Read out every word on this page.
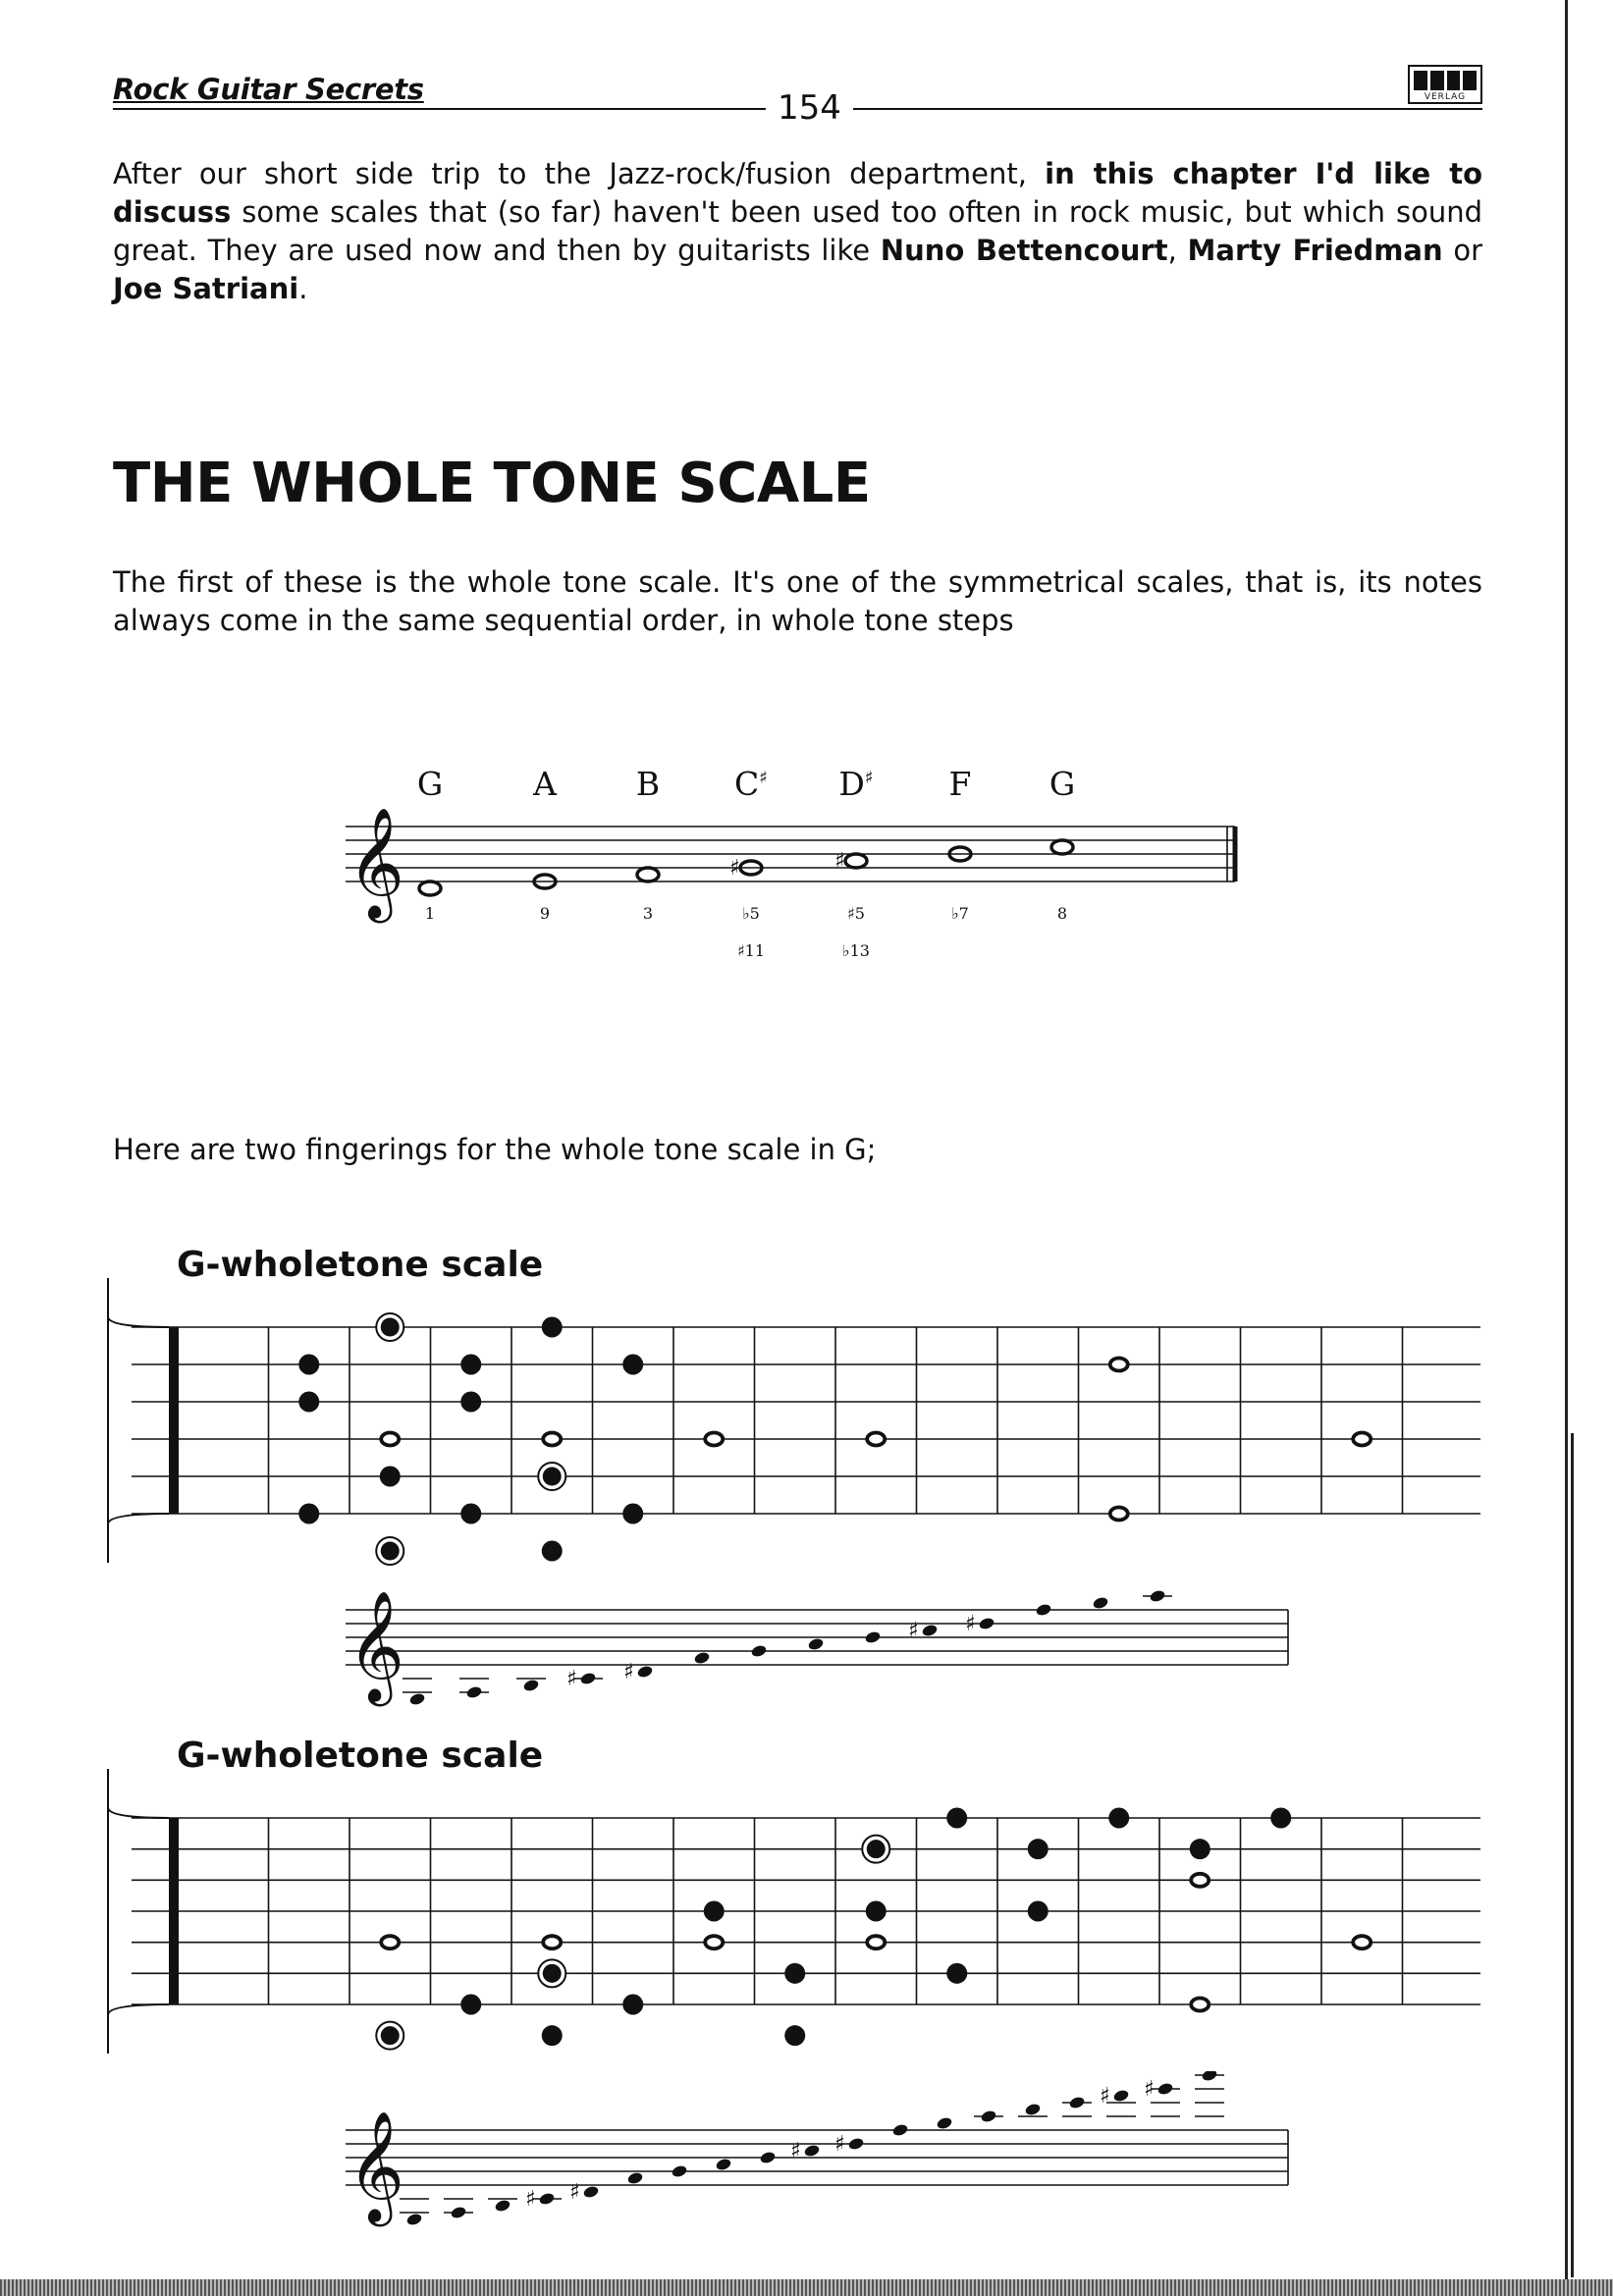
Rock Guitar Secrets	154	VERLAG
After our short side trip to the Jazz-rock/fusion department, in this chapter I'd like to discuss some scales that (so far) haven't been used too often in rock music, but which sound great. They are used now and then by guitarists like Nuno Bettencourt, Marty Friedman or Joe Satriani.
THE WHOLE TONE SCALE
The first of these is the whole tone scale. It's one of the symmetrical scales, that is, its notes always come in the same sequential order, in whole tone steps
𝄞
G
1
A
9
B
3
C♯
♯
♭5
D♯
♯
♯5
F
♭7
G
8
♯11	♭13
Here are two fingerings for the whole tone scale in G;
G-wholetone scale
𝄞	♯ ♯
♯ ♯
G-wholetone scale
𝄞	♯ ♯
♯ ♯
♯ ♯
